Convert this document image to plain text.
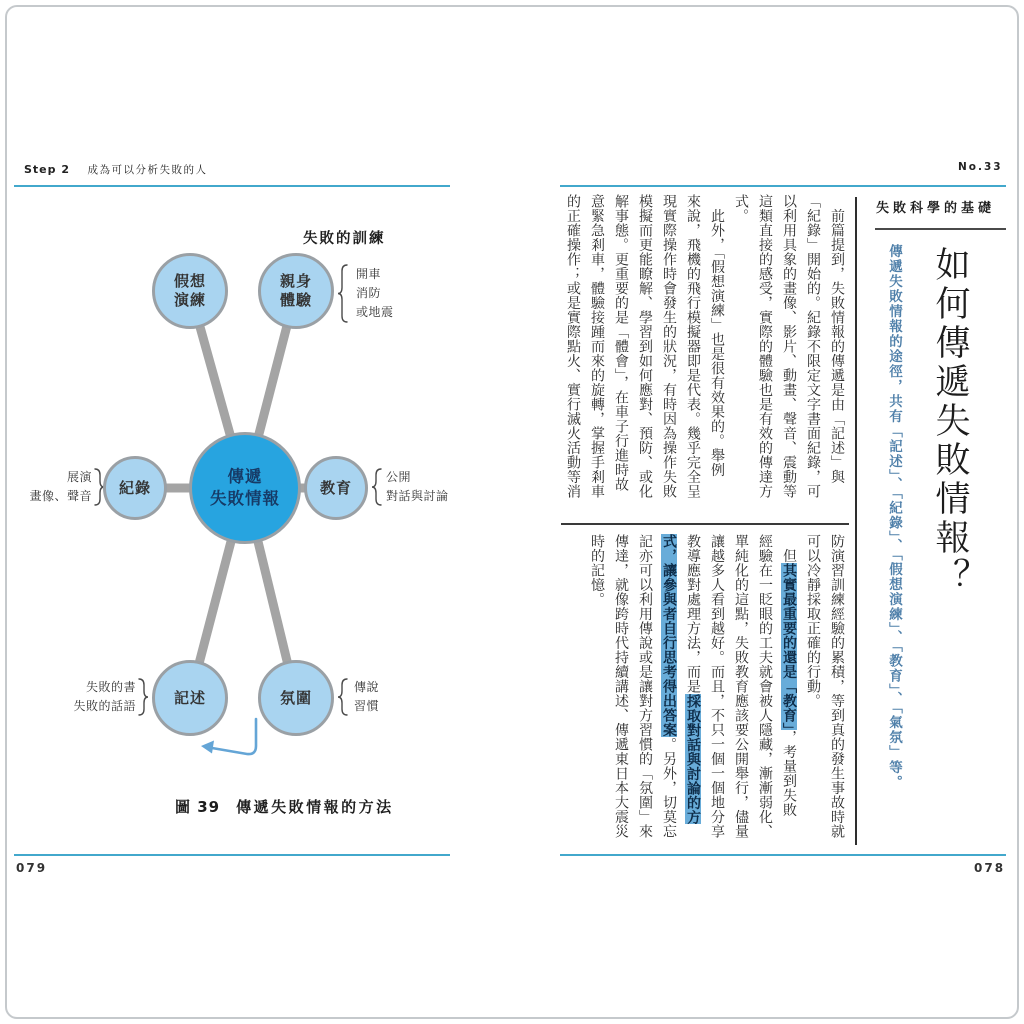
Step 2 成為可以分析失敗的人	No.33
失敗的訓練
假想
演練
親身
體驗
紀錄	教育
記述	氛圍
傳遞
失敗情報
開車
消防
或地震
展演
畫像、聲音
公開
對話與討論
失敗的書
失敗的話語
傳說
習慣
圖 39 傳遞失敗情報的方法
079
失敗科學的基礎
如何傳遞失敗情報？
傳遞失敗情報的途徑，共有「記述」、「紀錄」、「假想演練」、「教育」、「氣氛」等。
　前篇提到，失敗情報的傳遞是由「記述」與
「紀錄」開始的。紀錄不限定文字書面紀錄，可
以利用具象的畫像、影片、動畫、聲音、震動等
這類直接的感受，實際的體驗也是有效的傳達方
式。
　此外，「假想演練」也是很有效果的。舉例
來說，飛機的飛行模擬器即是代表。幾乎完全呈
現實際操作時會發生的狀況，有時因為操作失敗
模擬而更能瞭解、學習到如何應對、預防、或化
解事態。更重要的是「體會」，在車子行進時故
意緊急剎車，體驗接踵而來的旋轉，掌握手剎車
的正確操作；或是實際點火、實行滅火活動等消
防演習訓練經驗的累積，等到真的發生事故時就
可以冷靜採取正確的行動。
　但其實最重要的還是「教育」，考量到失敗
經驗在一眨眼的工夫就會被人隱藏，漸漸弱化、
單純化的這點，失敗教育應該要公開舉行，儘量
讓越多人看到越好。而且，不只一個一個地分享
教導應對處理方法，而是採取對話與討論的方
式，讓參與者自行思考得出答案。另外，切莫忘
記亦可以利用傳說或是讓對方習慣的「氛圍」來
傳達，就像跨時代持續講述、傳遞東日本大震災
時的記憶。
078
